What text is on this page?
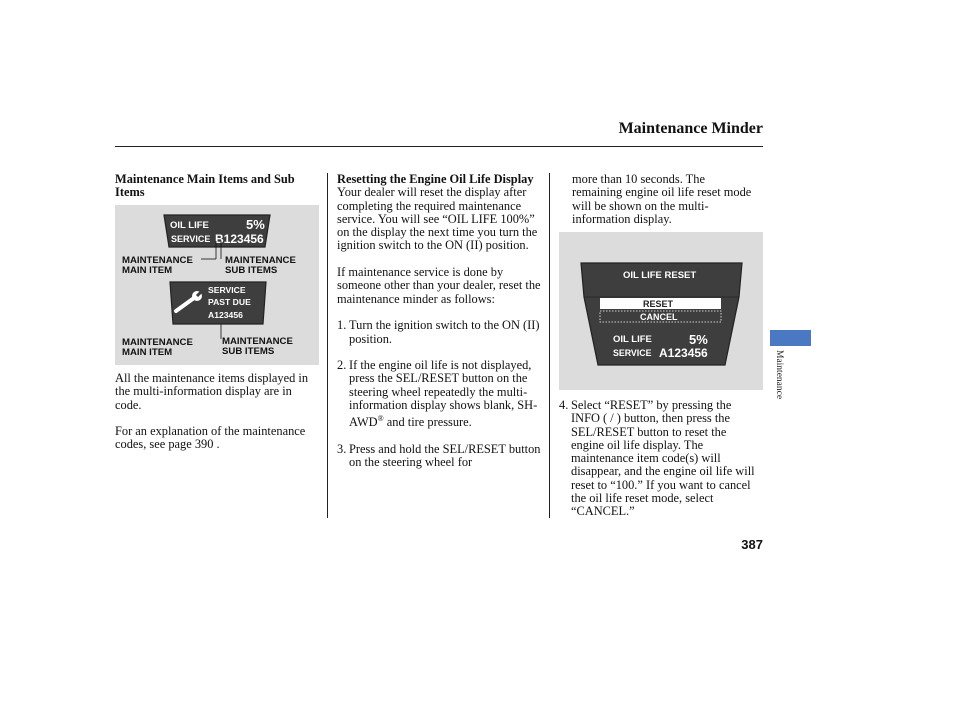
Maintenance Minder
Maintenance Main Items and Sub Items
OIL LIFE	5%
SERVICE B123456
MAINTENANCE
MAIN ITEM
MAINTENANCE
SUB ITEMS
SERVICE
PAST DUE
A123456
MAINTENANCE
MAIN ITEM
MAINTENANCE
SUB ITEMS

All the maintenance items displayed in the multi-information display are in code.

For an explanation of the maintenance codes, see page 390 .

Resetting the Engine Oil Life Display

Your dealer will reset the display after completing the required maintenance service. You will see “OIL LIFE 100%” on the display the next time you turn the ignition switch to the ON (II) position.

If maintenance service is done by someone other than your dealer, reset the maintenance minder as follows:

1. Turn the ignition switch to the ON (II) position.
2. If the engine oil life is not displayed, press the SEL/RESET button on the steering wheel repeatedly the multi-information display shows blank, SH-AWD® and tire pressure.
3. Press and hold the SEL/RESET button on the steering wheel for

more than 10 seconds. The remaining engine oil life reset mode will be shown on the multi-information display.

OIL LIFE RESET
RESET
CANCEL
OIL LIFE	5%
SERVICE A123456
4. Select “RESET” by pressing the INFO ( / ) button, then press the SEL/RESET button to reset the engine oil life display. The maintenance item code(s) will disappear, and the engine oil life will reset to “100.” If you want to cancel the oil life reset mode, select “CANCEL.”
Maintenance
387
